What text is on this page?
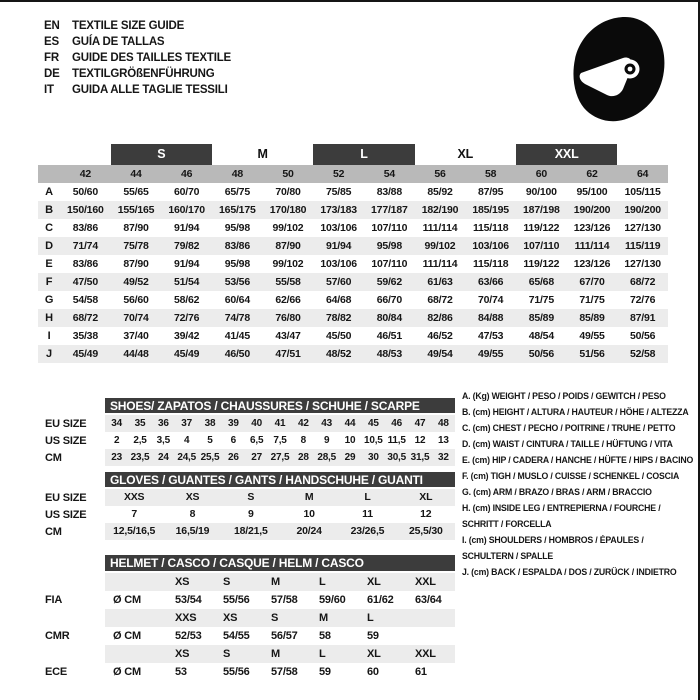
EN	TEXTILE SIZE GUIDE
ES	GUÍA DE TALLAS
FR	GUIDE DES TAILLES TEXTILE
DE	TEXTILGRÖßENFÜHRUNG
IT	GUIDA ALLE TAGLIE TESSILI
S	M	L	XL	XXL
42	44	46	48	50	52	54	56	58	60	62	64
A	50/60	55/65	60/70	65/75	70/80	75/85	83/88	85/92	87/95	90/100	95/100	105/115
B	150/160	155/165	160/170	165/175	170/180	173/183	177/187	182/190	185/195	187/198	190/200	190/200
C	83/86	87/90	91/94	95/98	99/102	103/106	107/110	111/114	115/118	119/122	123/126	127/130
D	71/74	75/78	79/82	83/86	87/90	91/94	95/98	99/102	103/106	107/110	111/114	115/119
E	83/86	87/90	91/94	95/98	99/102	103/106	107/110	111/114	115/118	119/122	123/126	127/130
F	47/50	49/52	51/54	53/56	55/58	57/60	59/62	61/63	63/66	65/68	67/70	68/72
G	54/58	56/60	58/62	60/64	62/66	64/68	66/70	68/72	70/74	71/75	71/75	72/76
H	68/72	70/74	72/76	74/78	76/80	78/82	80/84	82/86	84/88	85/89	85/89	87/91
I	35/38	37/40	39/42	41/45	43/47	45/50	46/51	46/52	47/53	48/54	49/55	50/56
J	45/49	44/48	45/49	46/50	47/51	48/52	48/53	49/54	49/55	50/56	51/56	52/58
SHOES/ ZAPATOS / CHAUSSURES / SCHUHE / SCARPE
EU SIZE	34	35	36	37	38	39	40	41	42	43	44	45	46	47	48
US SIZE	2	2,5	3,5	4	5	6	6,5	7,5	8	9	10 10,5 11,5 12	13
CM	23 23,5 24 24,5 25,5 26	27 27,5 28 28,5 29	30 30,5 31,5 32
GLOVES / GUANTES / GANTS / HANDSCHUHE / GUANTI
EU SIZE	XXS	XS	S	M	L	XL
US SIZE	7	8	9	10	11	12
CM	12,5/16,5	16,5/19	18/21,5	20/24	23/26,5	25,5/30
HELMET / CASCO / CASQUE / HELM / CASCO
XS	S	M	L	XL	XXL
FIA	Ø CM	53/54	55/56	57/58	59/60	61/62	63/64
XXS	XS	S	M	L
CMR	Ø CM	52/53	54/55	56/57	58	59
XS	S	M	L	XL	XXL
ECE	Ø CM	53	55/56	57/58	59	60	61
A. (Kg) WEIGHT / PESO / POIDS / GEWITCH / PESO
B. (cm) HEIGHT / ALTURA / HAUTEUR / HÖHE / ALTEZZA
C. (cm) CHEST / PECHO / POITRINE / TRUHE / PETTO
D. (cm) WAIST / CINTURA / TAILLE / HÜFTUNG / VITA
E. (cm) HIP / CADERA / HANCHE / HÜFTE / HIPS / BACINO
F. (cm) TIGH / MUSLO / CUISSE / SCHENKEL / COSCIA
G. (cm) ARM / BRAZO / BRAS / ARM / BRACCIO
H. (cm) INSIDE LEG / ENTREPIERNA / FOURCHE / SCHRITT / FORCELLA
I. (cm) SHOULDERS / HOMBROS / ÉPAULES / SCHULTERN / SPALLE
J. (cm) BACK / ESPALDA / DOS / ZURÜCK / INDIETRO
